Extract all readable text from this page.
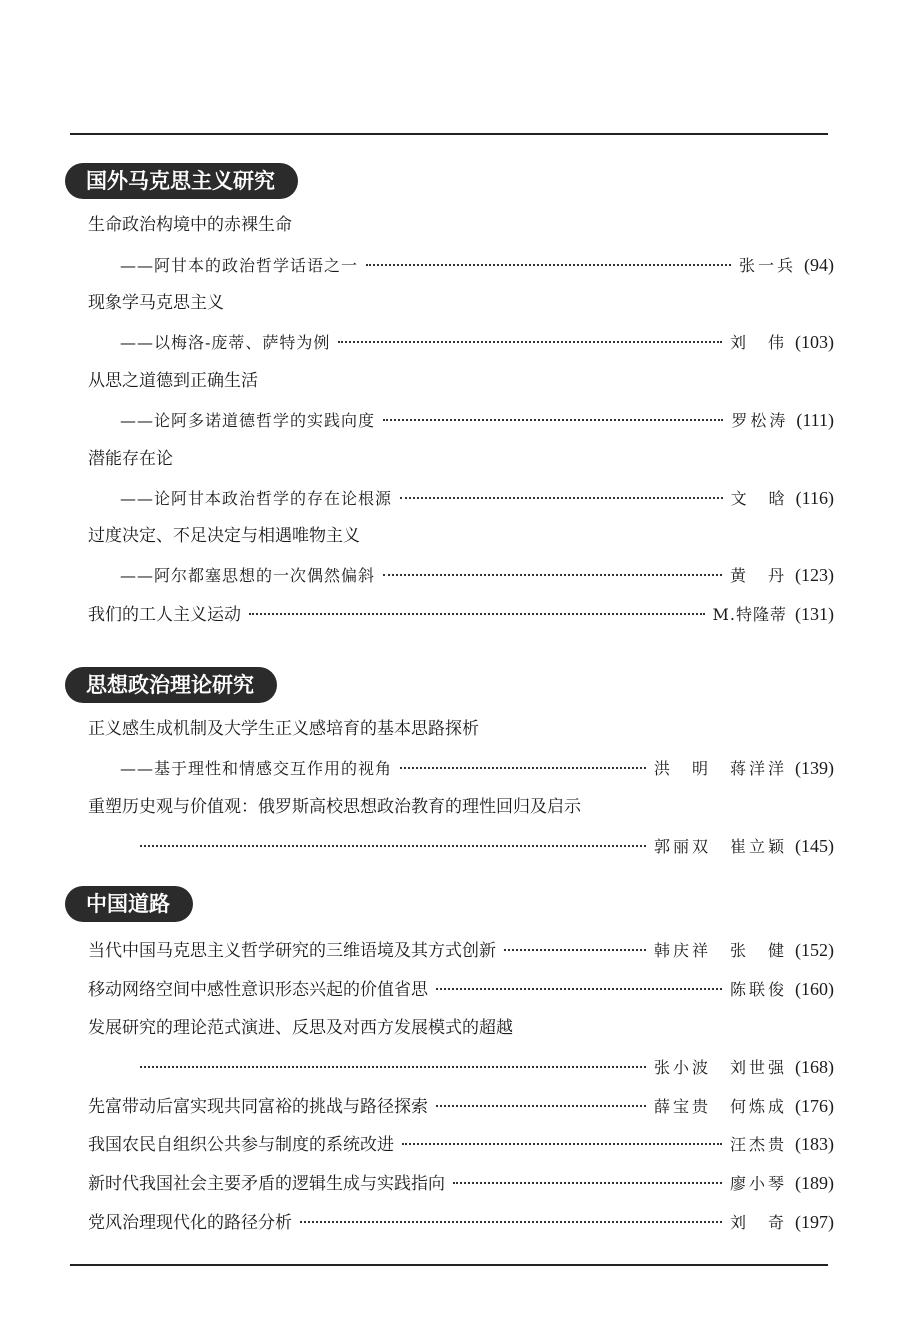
国外马克思主义研究
生命政治构境中的赤裸生命
——阿甘本的政治哲学话语之一	张一兵 (94)
现象学马克思主义
——以梅洛-庞蒂、萨特为例	刘　伟 (103)
从思之道德到正确生活
——论阿多诺道德哲学的实践向度	罗松涛 (111)
潜能存在论
——论阿甘本政治哲学的存在论根源	文　晗 (116)
过度决定、不足决定与相遇唯物主义
——阿尔都塞思想的一次偶然偏斜	黄　丹 (123)
我们的工人主义运动	M.特隆蒂 (131)
思想政治理论研究
正义感生成机制及大学生正义感培育的基本思路探析
——基于理性和情感交互作用的视角	洪　明　蒋洋洋 (139)
重塑历史观与价值观：俄罗斯高校思想政治教育的理性回归及启示
郭丽双　崔立颖 (145)
中国道路
当代中国马克思主义哲学研究的三维语境及其方式创新	韩庆祥　张　健 (152)
移动网络空间中感性意识形态兴起的价值省思	陈联俊 (160)
发展研究的理论范式演进、反思及对西方发展模式的超越
张小波　刘世强 (168)
先富带动后富实现共同富裕的挑战与路径探索	薛宝贵　何炼成 (176)
我国农民自组织公共参与制度的系统改进	汪杰贵 (183)
新时代我国社会主要矛盾的逻辑生成与实践指向	廖小琴 (189)
党风治理现代化的路径分析	刘　奇 (197)
